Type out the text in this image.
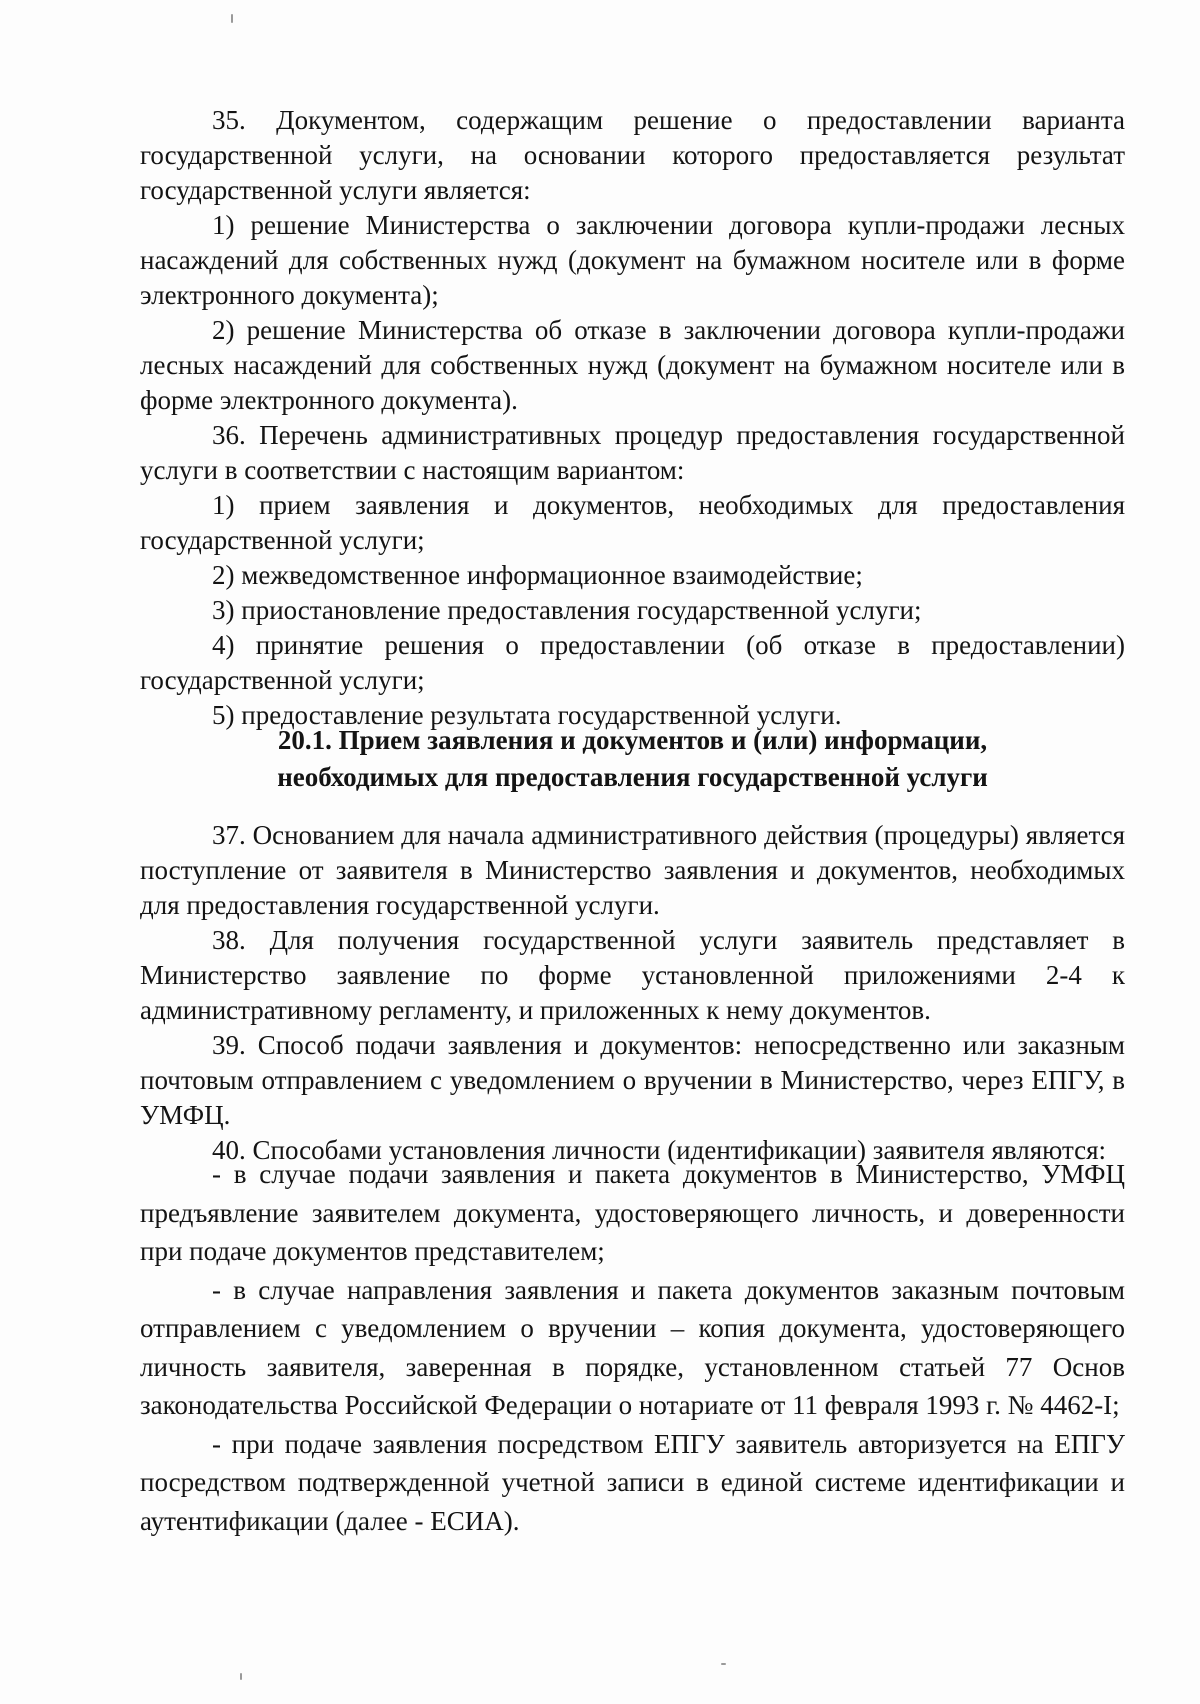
35. Документом, содержащим решение о предоставлении варианта государственной услуги, на основании которого предоставляется результат государственной услуги является:

1) решение Министерства о заключении договора купли-продажи лесных насаждений для собственных нужд (документ на бумажном носителе или в форме электронного документа);

2) решение Министерства об отказе в заключении договора купли-продажи лесных насаждений для собственных нужд (документ на бумажном носителе или в форме электронного документа).

36. Перечень административных процедур предоставления государственной услуги в соответствии с настоящим вариантом:

1) прием заявления и документов, необходимых для предоставления государственной услуги;

2) межведомственное информационное взаимодействие;

3) приостановление предоставления государственной услуги;

4) принятие решения о предоставлении (об отказе в предоставлении) государственной услуги;

5) предоставление результата государственной услуги.

20.1. Прием заявления и документов и (или) информации,
необходимых для предоставления государственной услуги

37. Основанием для начала административного действия (процедуры) является поступление от заявителя в Министерство заявления и документов, необходимых для предоставления государственной услуги.

38. Для получения государственной услуги заявитель представляет в Министерство заявление по форме установленной приложениями 2-4 к административному регламенту, и приложенных к нему документов.

39. Способ подачи заявления и документов: непосредственно или заказным почтовым отправлением с уведомлением о вручении в Министерство, через ЕПГУ, в УМФЦ.

40. Способами установления личности (идентификации) заявителя являются:

- в случае подачи заявления и пакета документов в Министерство, УМФЦ предъявление заявителем документа, удостоверяющего личность, и доверенности при подаче документов представителем;

- в случае направления заявления и пакета документов заказным почтовым отправлением с уведомлением о вручении – копия документа, удостоверяющего личность заявителя, заверенная в порядке, установленном статьей 77 Основ законодательства Российской Федерации о нотариате от 11 февраля 1993 г. № 4462-I;

- при подаче заявления посредством ЕПГУ заявитель авторизуется на ЕПГУ посредством подтвержденной учетной записи в единой системе идентификации и аутентификации (далее - ЕСИА).
